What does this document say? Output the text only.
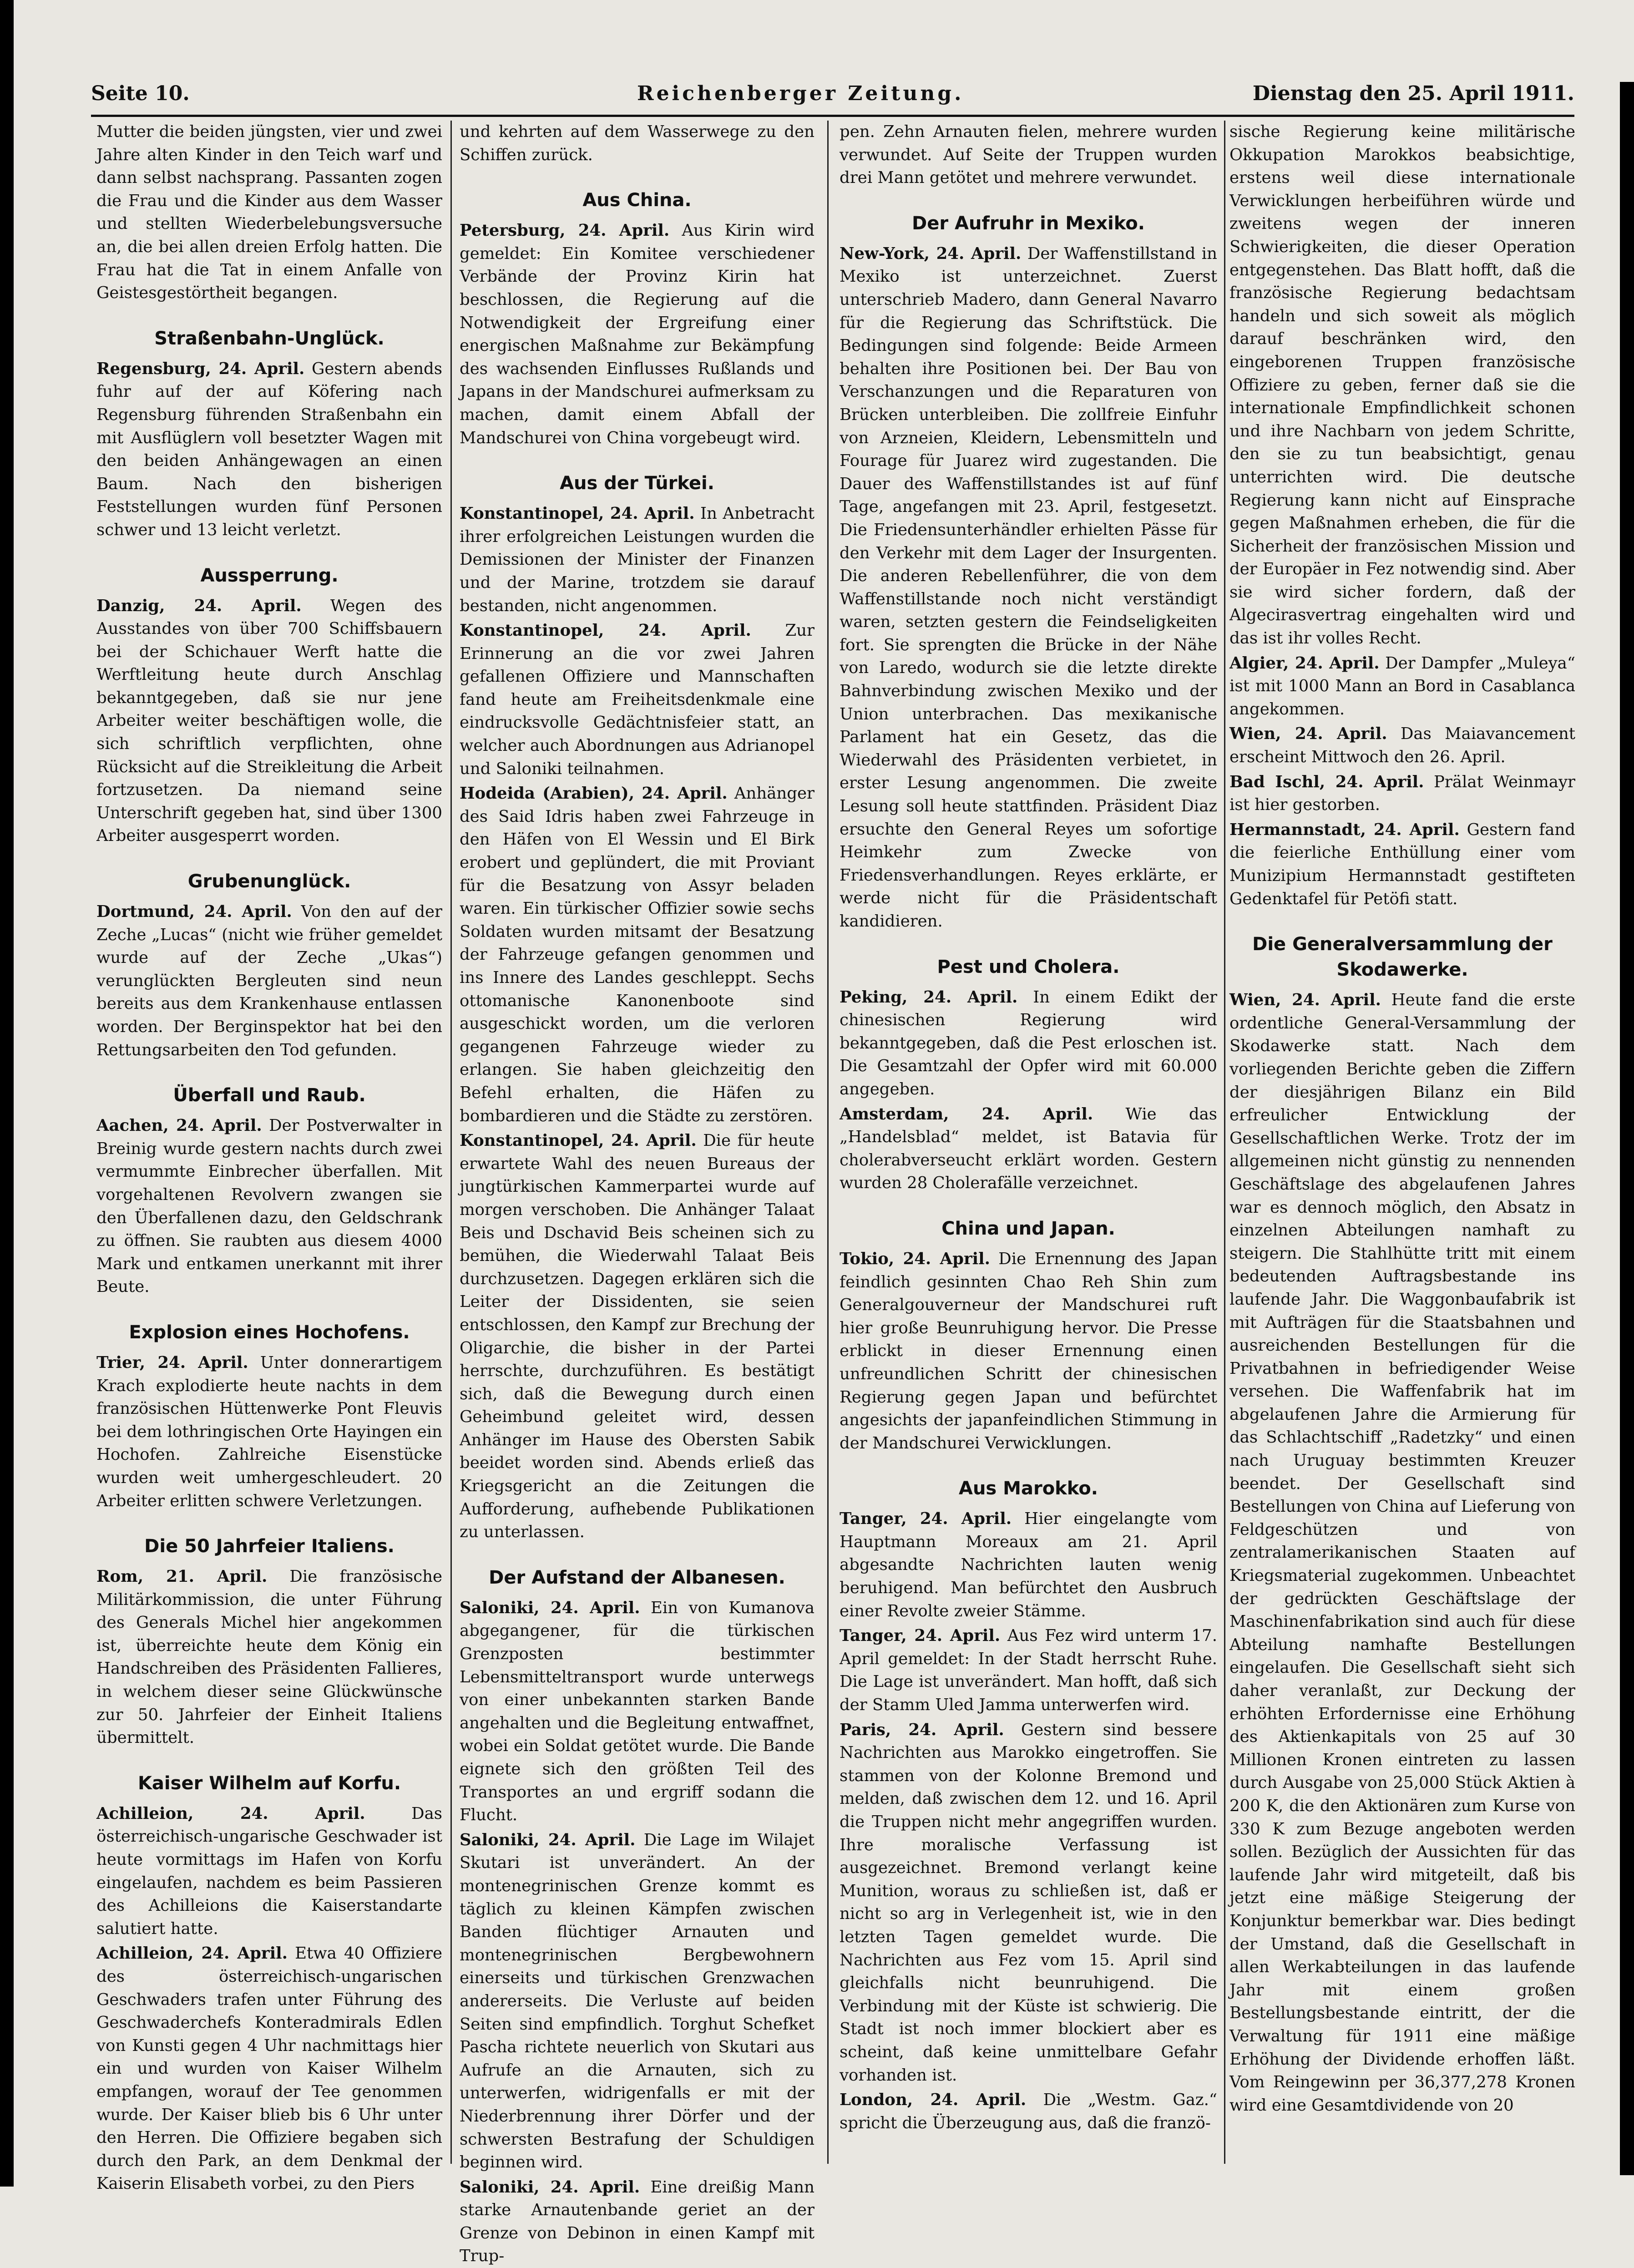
Seite 10.	Reichenberger Zeitung.	Dienstag den 25. April 1911.

Mutter die beiden jüngsten, vier und zwei Jahre alten Kinder in den Teich warf und dann selbst nachsprang. Passanten zogen die Frau und die Kinder aus dem Wasser und stellten Wiederbelebungsversuche an, die bei allen dreien Erfolg hatten. Die Frau hat die Tat in einem Anfalle von Geistesgestörtheit begangen.

Straßenbahn-Unglück.

Regensburg, 24. April. Gestern abends fuhr auf der auf Köfering nach Regensburg führenden Straßenbahn ein mit Ausflüglern voll besetzter Wagen mit den beiden Anhängewagen an einen Baum. Nach den bisherigen Feststellungen wurden fünf Personen schwer und 13 leicht verletzt.

Aussperrung.

Danzig, 24. April. Wegen des Ausstandes von über 700 Schiffsbauern bei der Schichauer Werft hatte die Werftleitung heute durch Anschlag bekanntgegeben, daß sie nur jene Arbeiter weiter beschäftigen wolle, die sich schriftlich verpflichten, ohne Rücksicht auf die Streikleitung die Arbeit fortzusetzen. Da niemand seine Unterschrift gegeben hat, sind über 1300 Arbeiter ausgesperrt worden.

Grubenunglück.

Dortmund, 24. April. Von den auf der Zeche „Lucas“ (nicht wie früher gemeldet wurde auf der Zeche „Ukas“) verunglückten Bergleuten sind neun bereits aus dem Krankenhause entlassen worden. Der Berginspektor hat bei den Rettungsarbeiten den Tod gefunden.

Überfall und Raub.

Aachen, 24. April. Der Postverwalter in Breinig wurde gestern nachts durch zwei vermummte Einbrecher überfallen. Mit vorgehaltenen Revolvern zwangen sie den Überfallenen dazu, den Geldschrank zu öffnen. Sie raubten aus diesem 4000 Mark und entkamen unerkannt mit ihrer Beute.

Explosion eines Hochofens.

Trier, 24. April. Unter donnerartigem Krach explodierte heute nachts in dem französischen Hüttenwerke Pont Fleuvis bei dem lothringischen Orte Hayingen ein Hochofen. Zahlreiche Eisenstücke wurden weit umhergeschleudert. 20 Arbeiter erlitten schwere Verletzungen.

Die 50 Jahrfeier Italiens.

Rom, 21. April. Die französische Militärkommission, die unter Führung des Generals Michel hier angekommen ist, überreichte heute dem König ein Handschreiben des Präsidenten Fallieres, in welchem dieser seine Glückwünsche zur 50. Jahrfeier der Einheit Italiens übermittelt.

Kaiser Wilhelm auf Korfu.

Achilleion, 24. April.	Das österreichisch-ungarische Geschwader ist heute vormittags im Hafen von Korfu eingelaufen, nachdem es beim Passieren des Achilleions die Kaiserstandarte salutiert hatte.

Achilleion, 24. April. Etwa 40 Offiziere des österreichisch-ungarischen Geschwaders trafen unter Führung des Geschwaderchefs Konteradmirals Edlen von Kunsti gegen 4 Uhr nachmittags hier ein und wurden von Kaiser Wilhelm empfangen, worauf der Tee genommen wurde. Der Kaiser blieb bis 6 Uhr unter den Herren. Die Offiziere begaben sich durch den Park, an dem Denkmal der Kaiserin Elisabeth vorbei, zu den Piers

und kehrten auf dem Wasserwege zu den Schiffen zurück.

Aus China.

Petersburg, 24. April. Aus Kirin wird gemeldet: Ein Komitee verschiedener Verbände der Provinz Kirin hat beschlossen, die Regierung auf die Notwendigkeit der Ergreifung einer energischen Maßnahme zur Bekämpfung des wachsenden Einflusses Rußlands und Japans in der Mandschurei aufmerksam zu machen, damit einem Abfall der Mandschurei von China vorgebeugt wird.

Aus der Türkei.

Konstantinopel, 24. April. In Anbetracht ihrer erfolgreichen Leistungen wurden die Demissionen der Minister der Finanzen und der Marine, trotzdem sie darauf bestanden, nicht angenommen.

Konstantinopel, 24. April. Zur Erinnerung an die vor zwei Jahren gefallenen Offiziere und Mannschaften fand heute am Freiheitsdenkmale eine eindrucksvolle Gedächtnisfeier statt, an welcher auch Abordnungen aus Adrianopel und Saloniki teilnahmen.

Hodeida (Arabien), 24. April. Anhänger des Said Idris haben zwei Fahrzeuge in den Häfen von El Wessin und El Birk erobert und geplündert, die mit Proviant für die Besatzung von Assyr beladen waren. Ein türkischer Offizier sowie sechs Soldaten wurden mitsamt der Besatzung der Fahrzeuge gefangen genommen und ins Innere des Landes geschleppt. Sechs ottomanische Kanonenboote sind ausgeschickt worden, um die verloren gegangenen Fahrzeuge wieder zu erlangen. Sie haben gleichzeitig den Befehl erhalten, die Häfen zu bombardieren und die Städte zu zerstören.

Konstantinopel, 24. April. Die für heute erwartete Wahl des neuen Bureaus der jungtürkischen Kammerpartei wurde auf morgen verschoben. Die Anhänger Talaat Beis und Dschavid Beis scheinen sich zu bemühen, die Wiederwahl Talaat Beis durchzusetzen. Dagegen erklären sich die Leiter der Dissidenten, sie seien entschlossen, den Kampf zur Brechung der Oligarchie, die bisher in der Partei herrschte, durchzuführen. Es bestätigt sich, daß die Bewegung durch einen Geheimbund geleitet wird, dessen Anhänger im Hause des Obersten Sabik beeidet worden sind. Abends erließ das Kriegsgericht an die Zeitungen die Aufforderung, aufhebende Publikationen zu unterlassen.

Der Aufstand der Albanesen.

Saloniki, 24. April. Ein von Kumanova abgegangener, für die türkischen Grenzposten bestimmter Lebensmitteltransport wurde unterwegs von einer unbekannten starken Bande angehalten und die Begleitung entwaffnet, wobei ein Soldat getötet wurde. Die Bande eignete sich den größten Teil des Transportes an und ergriff sodann die Flucht.

Saloniki, 24. April. Die Lage im Wilajet Skutari ist unverändert. An der montenegrinischen Grenze kommt es täglich zu kleinen Kämpfen zwischen Banden flüchtiger Arnauten und montenegrinischen Bergbewohnern einerseits und türkischen Grenzwachen andererseits. Die Verluste auf beiden Seiten sind empfindlich. Torghut Schefket Pascha richtete neuerlich von Skutari aus Aufrufe an die Arnauten, sich zu unterwerfen, widrigenfalls er mit der Niederbrennung ihrer Dörfer und der schwersten Bestrafung der Schuldigen beginnen wird.

Saloniki, 24. April. Eine dreißig Mann starke Arnautenbande geriet an der Grenze von Debinon in einen Kampf mit Trup-

pen. Zehn Arnauten fielen, mehrere wurden verwundet. Auf Seite der Truppen wurden drei Mann getötet und mehrere verwundet.

Der Aufruhr in Mexiko.

New-York, 24. April. Der Waffenstillstand in Mexiko ist unterzeichnet. Zuerst unterschrieb Madero, dann General Navarro für die Regierung das Schriftstück. Die Bedingungen sind folgende: Beide Armeen behalten ihre Positionen bei. Der Bau von Verschanzungen und die Reparaturen von Brücken unterbleiben. Die zollfreie Einfuhr von Arzneien, Kleidern, Lebensmitteln und Fourage für Juarez wird zugestanden. Die Dauer des Waffenstillstandes ist auf fünf Tage, angefangen mit 23. April, festgesetzt. Die Friedensunterhändler erhielten Pässe für den Verkehr mit dem Lager der Insurgenten. Die anderen Rebellenführer, die von dem Waffenstillstande noch nicht verständigt waren, setzten gestern die Feindseligkeiten fort. Sie sprengten die Brücke in der Nähe von Laredo, wodurch sie die letzte direkte Bahnverbindung zwischen Mexiko und der Union unterbrachen. Das mexikanische Parlament hat ein Gesetz, das die Wiederwahl des Präsidenten verbietet, in erster Lesung angenommen. Die zweite Lesung soll heute stattfinden. Präsident Diaz ersuchte den General Reyes um sofortige Heimkehr zum Zwecke von Friedensverhandlungen. Reyes erklärte, er werde nicht für die Präsidentschaft kandidieren.

Pest und Cholera.

Peking, 24. April. In einem Edikt der chinesischen Regierung wird bekanntgegeben, daß die Pest erloschen ist. Die Gesamtzahl der Opfer wird mit 60.000 angegeben.

Amsterdam, 24. April. Wie das „Handelsblad“ meldet, ist Batavia für cholerabverseucht erklärt worden. Gestern wurden 28 Cholerafälle verzeichnet.

China und Japan.

Tokio, 24. April. Die Ernennung des Japan feindlich gesinnten Chao Reh Shin zum Generalgouverneur der Mandschurei ruft hier große Beunruhigung hervor. Die Presse erblickt in dieser Ernennung einen unfreundlichen Schritt der chinesischen Regierung gegen Japan und befürchtet angesichts der japanfeindlichen Stimmung in der Mandschurei Verwicklungen.

Aus Marokko.

Tanger, 24. April. Hier eingelangte vom Hauptmann Moreaux am 21. April abgesandte Nachrichten lauten wenig beruhigend. Man befürchtet den Ausbruch einer Revolte zweier Stämme.

Tanger, 24. April. Aus Fez wird unterm 17. April gemeldet: In der Stadt herrscht Ruhe. Die Lage ist unverändert. Man hofft, daß sich der Stamm Uled Jamma unterwerfen wird.

Paris, 24. April. Gestern sind bessere Nachrichten aus Marokko eingetroffen. Sie stammen von der Kolonne Bremond und melden, daß zwischen dem 12. und 16. April die Truppen nicht mehr angegriffen wurden. Ihre moralische Verfassung ist ausgezeichnet. Bremond verlangt keine Munition, woraus zu schließen ist, daß er nicht so arg in Verlegenheit ist, wie in den letzten Tagen gemeldet wurde. Die Nachrichten aus Fez vom 15. April sind gleichfalls nicht beunruhigend. Die Verbindung mit der Küste ist schwierig. Die Stadt ist noch immer blockiert aber es scheint, daß keine unmittelbare Gefahr vorhanden ist.

London, 24. April. Die „Westm. Gaz.“ spricht die Überzeugung aus, daß die franzö-

sische Regierung keine militärische Okkupation Marokkos beabsichtige, erstens weil diese internationale Verwicklungen herbeiführen würde und zweitens wegen der inneren Schwierigkeiten, die dieser Operation entgegenstehen. Das Blatt hofft, daß die französische Regierung bedachtsam handeln und sich soweit als möglich darauf beschränken wird, den eingeborenen Truppen französische Offiziere zu geben, ferner daß sie die internationale Empfindlichkeit schonen und ihre Nachbarn von jedem Schritte, den sie zu tun beabsichtigt, genau unterrichten wird. Die deutsche Regierung kann nicht auf Einsprache gegen Maßnahmen erheben, die für die Sicherheit der französischen Mission und der Europäer in Fez notwendig sind. Aber sie wird sicher fordern, daß der Algecirasvertrag eingehalten wird und das ist ihr volles Recht.

Algier, 24. April. Der Dampfer „Muleya“ ist mit 1000 Mann an Bord in Casablanca angekommen.

Wien, 24. April. Das Maiavancement erscheint Mittwoch den 26. April.

Bad Ischl, 24. April. Prälat Weinmayr ist hier gestorben.

Hermannstadt, 24. April. Gestern fand die feierliche Enthüllung einer vom Munizipium Hermannstadt gestifteten Gedenktafel für Petöfi statt.

Die Generalversammlung der Skodawerke.

Wien, 24. April. Heute fand die erste ordentliche General-Versammlung der Skodawerke statt. Nach dem vorliegenden Berichte geben die Ziffern der diesjährigen Bilanz ein Bild erfreulicher Entwicklung der Gesellschaftlichen Werke. Trotz der im allgemeinen nicht günstig zu nennenden Geschäftslage des abgelaufenen Jahres war es dennoch möglich, den Absatz in einzelnen Abteilungen namhaft zu steigern. Die Stahlhütte tritt mit einem bedeutenden Auftragsbestande ins laufende Jahr. Die Waggonbaufabrik ist mit Aufträgen für die Staatsbahnen und ausreichenden Bestellungen für die Privatbahnen in befriedigender Weise versehen. Die Waffenfabrik hat im abgelaufenen Jahre die Armierung für das Schlachtschiff „Radetzky“ und einen nach Uruguay bestimmten Kreuzer beendet. Der Gesellschaft sind Bestellungen von China auf Lieferung von Feldgeschützen und von zentralamerikanischen Staaten auf Kriegsmaterial zugekommen. Unbeachtet der gedrückten Geschäftslage der Maschinenfabrikation sind auch für diese Abteilung namhafte Bestellungen eingelaufen. Die Gesellschaft sieht sich daher veranlaßt, zur Deckung der erhöhten Erfordernisse eine Erhöhung des Aktienkapitals von 25 auf 30 Millionen Kronen eintreten zu lassen durch Ausgabe von 25,000 Stück Aktien à 200 K, die den Aktionären zum Kurse von 330 K zum Bezuge angeboten werden sollen. Bezüglich der Aussichten für das laufende Jahr wird mitgeteilt, daß bis jetzt eine mäßige Steigerung der Konjunktur bemerkbar war. Dies bedingt der Umstand, daß die Gesellschaft in allen Werkabteilungen in das laufende Jahr mit einem großen Bestellungsbestande eintritt, der die Verwaltung für 1911 eine mäßige Erhöhung der Dividende erhoffen läßt. Vom Reingewinn per 36,377,278 Kronen wird eine Gesamtdividende von 20
